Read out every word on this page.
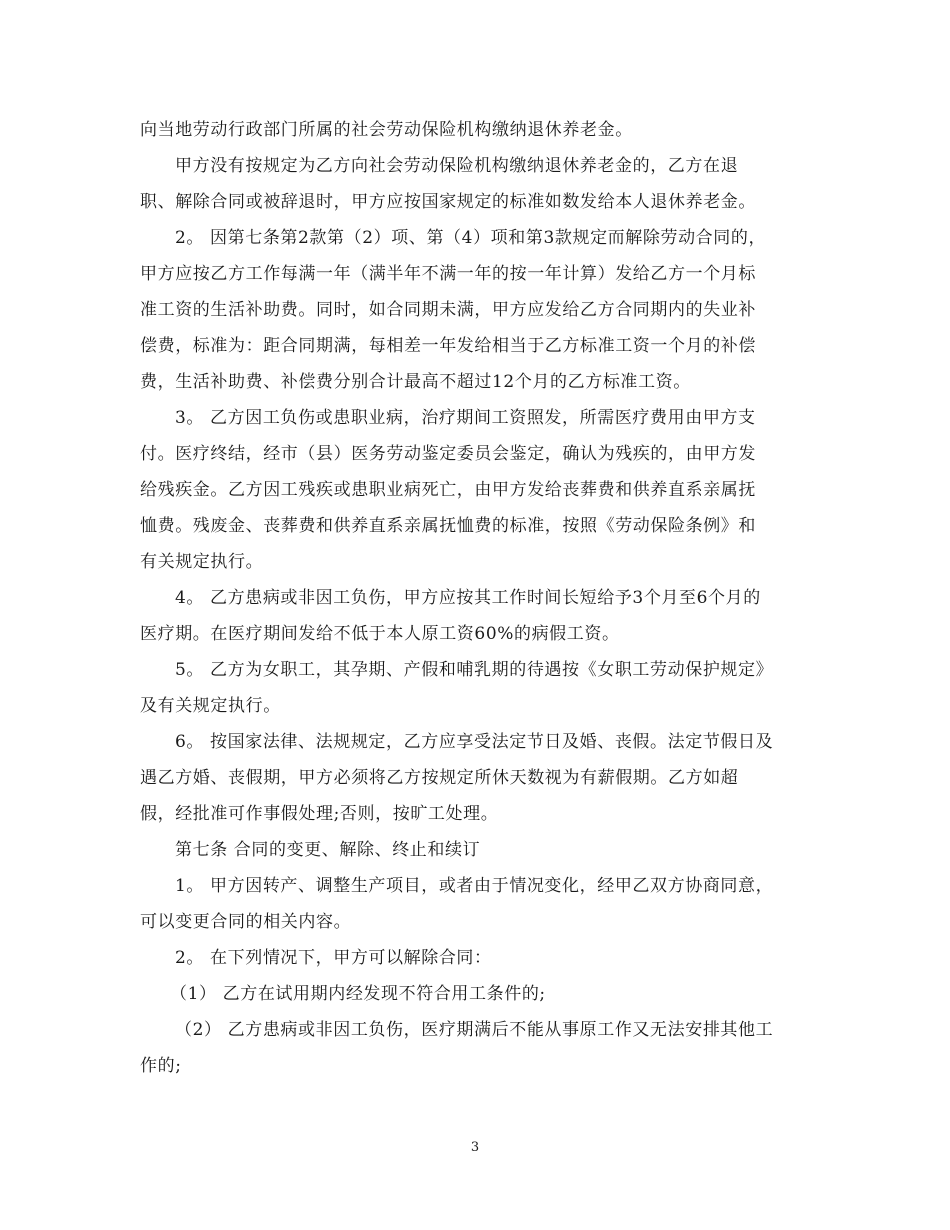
向当地劳动行政部门所属的社会劳动保险机构缴纳退休养老金。
甲方没有按规定为乙方向社会劳动保险机构缴纳退休养老金的，乙方在退
职、解除合同或被辞退时，甲方应按国家规定的标准如数发给本人退休养老金。
2。 因第七条第2款第（2）项、第（4）项和第3款规定而解除劳动合同的，
甲方应按乙方工作每满一年（满半年不满一年的按一年计算）发给乙方一个月标
准工资的生活补助费。同时，如合同期未满，甲方应发给乙方合同期内的失业补
偿费，标准为：距合同期满，每相差一年发给相当于乙方标准工资一个月的补偿
费，生活补助费、补偿费分别合计最高不超过12个月的乙方标准工资。
3。 乙方因工负伤或患职业病，治疗期间工资照发，所需医疗费用由甲方支
付。医疗终结，经市（县）医务劳动鉴定委员会鉴定，确认为残疾的，由甲方发
给残疾金。乙方因工残疾或患职业病死亡，由甲方发给丧葬费和供养直系亲属抚
恤费。残废金、丧葬费和供养直系亲属抚恤费的标准，按照《劳动保险条例》和
有关规定执行。
4。 乙方患病或非因工负伤，甲方应按其工作时间长短给予3个月至6个月的
医疗期。在医疗期间发给不低于本人原工资60%的病假工资。
5。 乙方为女职工，其孕期、产假和哺乳期的待遇按《女职工劳动保护规定》
及有关规定执行。
6。 按国家法律、法规规定，乙方应享受法定节日及婚、丧假。法定节假日及
遇乙方婚、丧假期，甲方必须将乙方按规定所休天数视为有薪假期。乙方如超
假，经批准可作事假处理;否则，按旷工处理。
第七条 合同的变更、解除、终止和续订
1。 甲方因转产、调整生产项目，或者由于情况变化，经甲乙双方协商同意，
可以变更合同的相关内容。
2。 在下列情况下，甲方可以解除合同：
（1） 乙方在试用期内经发现不符合用工条件的;
（2） 乙方患病或非因工负伤，医疗期满后不能从事原工作又无法安排其他工
作的;
3
